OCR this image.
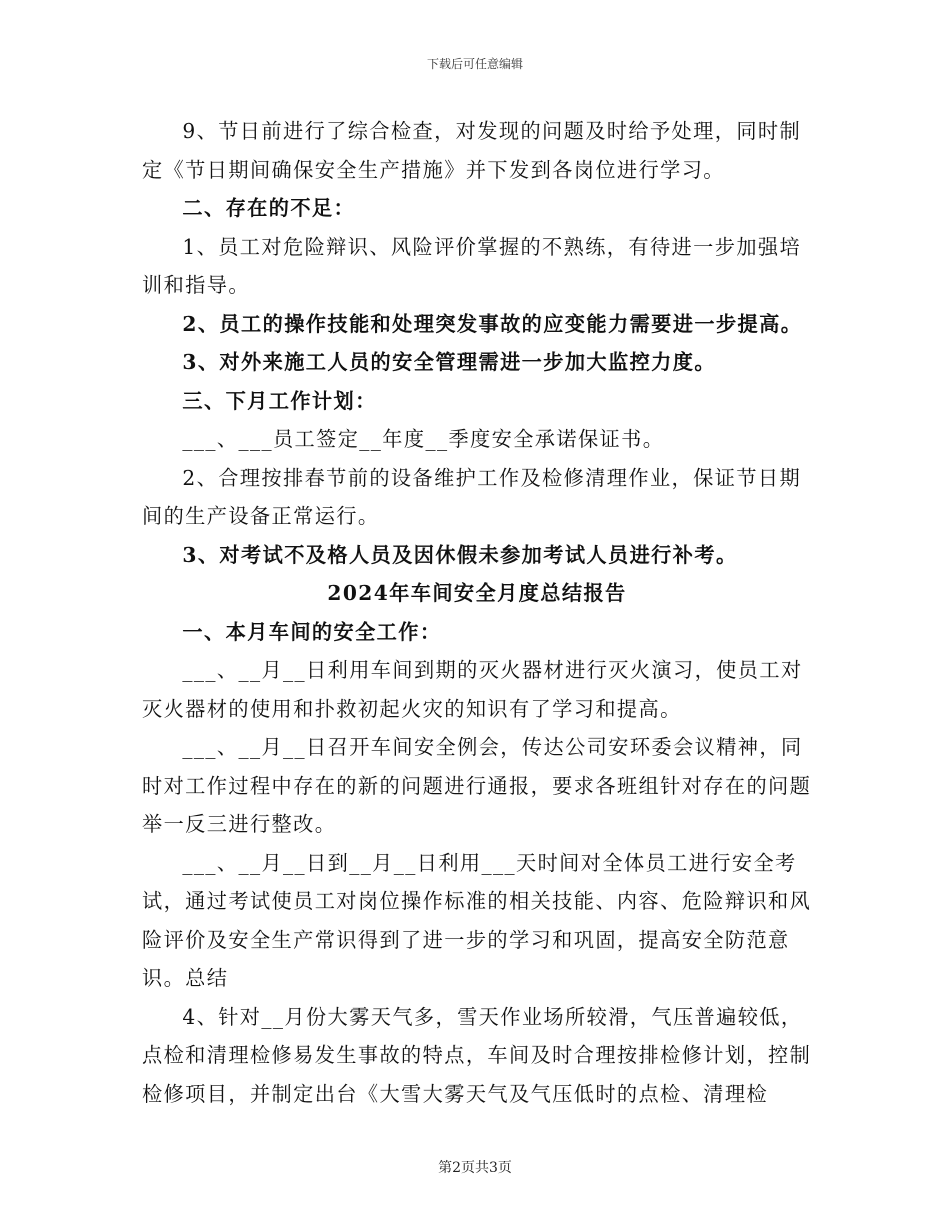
下载后可任意编辑

9、节日前进行了综合检查，对发现的问题及时给予处理，同时制定《节日期间确保安全生产措施》并下发到各岗位进行学习。

二、存在的不足：

1、员工对危险辩识、风险评价掌握的不熟练，有待进一步加强培训和指导。

2、员工的操作技能和处理突发事故的应变能力需要进一步提高。

3、对外来施工人员的安全管理需进一步加大监控力度。

三、下月工作计划：

___、___员工签定__年度__季度安全承诺保证书。

2、合理按排春节前的设备维护工作及检修清理作业，保证节日期间的生产设备正常运行。

3、对考试不及格人员及因休假未参加考试人员进行补考。

2024年车间安全月度总结报告

一、本月车间的安全工作：

___、__月__日利用车间到期的灭火器材进行灭火演习，使员工对灭火器材的使用和扑救初起火灾的知识有了学习和提高。

___、__月__日召开车间安全例会，传达公司安环委会议精神，同时对工作过程中存在的新的问题进行通报，要求各班组针对存在的问题举一反三进行整改。

___、__月__日到__月__日利用___天时间对全体员工进行安全考试，通过考试使员工对岗位操作标准的相关技能、内容、危险辩识和风险评价及安全生产常识得到了进一步的学习和巩固，提高安全防范意识。总结

4、针对__月份大雾天气多，雪天作业场所较滑，气压普遍较低，点检和清理检修易发生事故的特点，车间及时合理按排检修计划，控制检修项目，并制定出台《大雪大雾天气及气压低时的点检、清理检

第2页共3页
